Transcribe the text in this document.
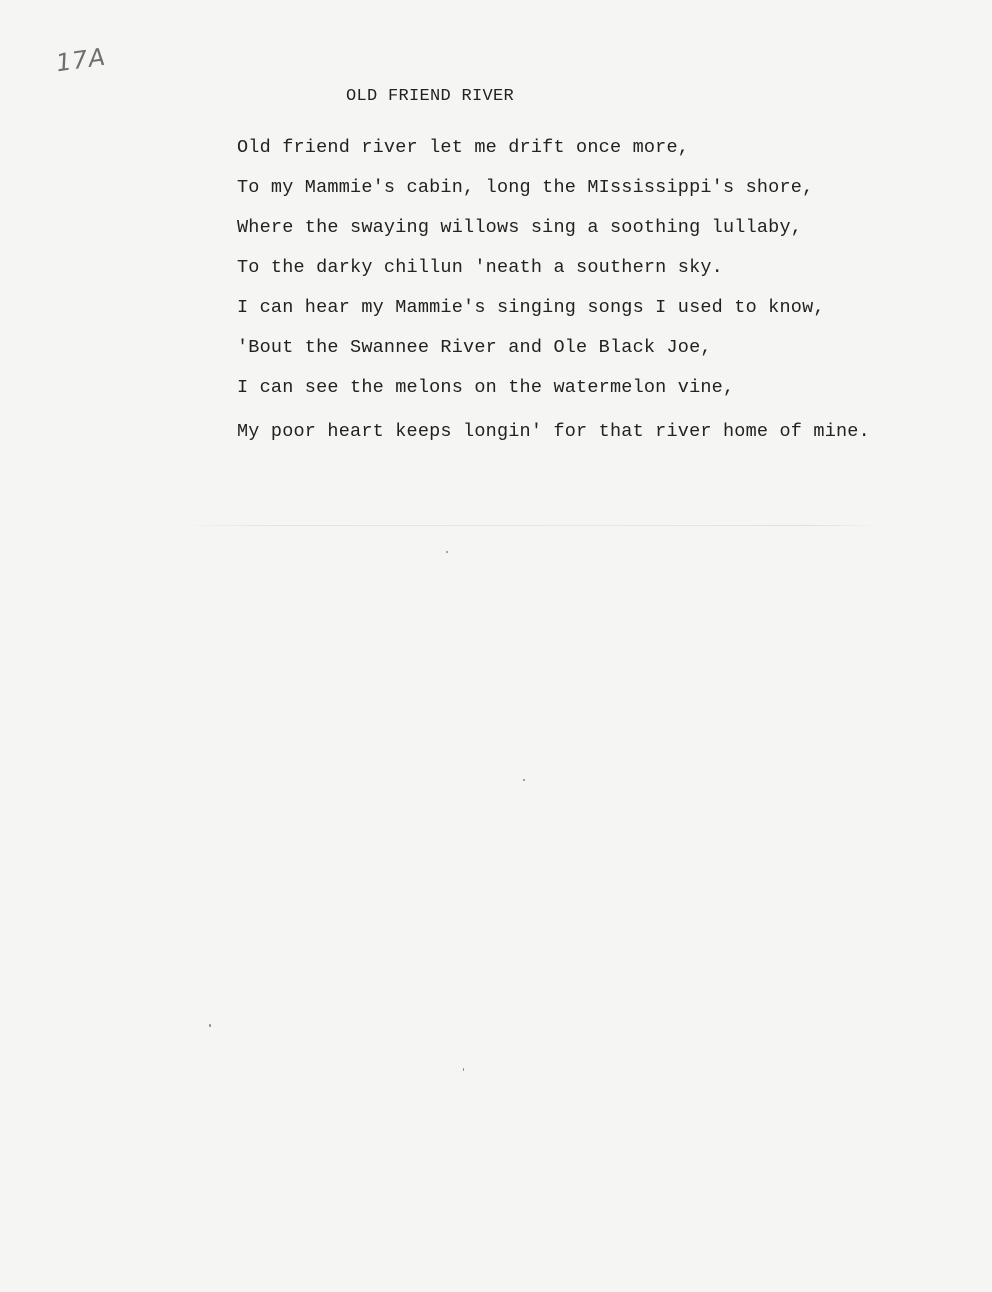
17A
OLD FRIEND RIVER
Old friend river let me drift once more,
To my Mammie's cabin, long the MIssissippi's shore,
Where the swaying willows sing a soothing lullaby,
To the darky chillun 'neath a southern sky.
I can hear my Mammie's singing songs I used to know,
'Bout the Swannee River and Ole Black Joe,
I can see the melons on the watermelon vine,
My poor heart keeps longin' for that river home of mine.
